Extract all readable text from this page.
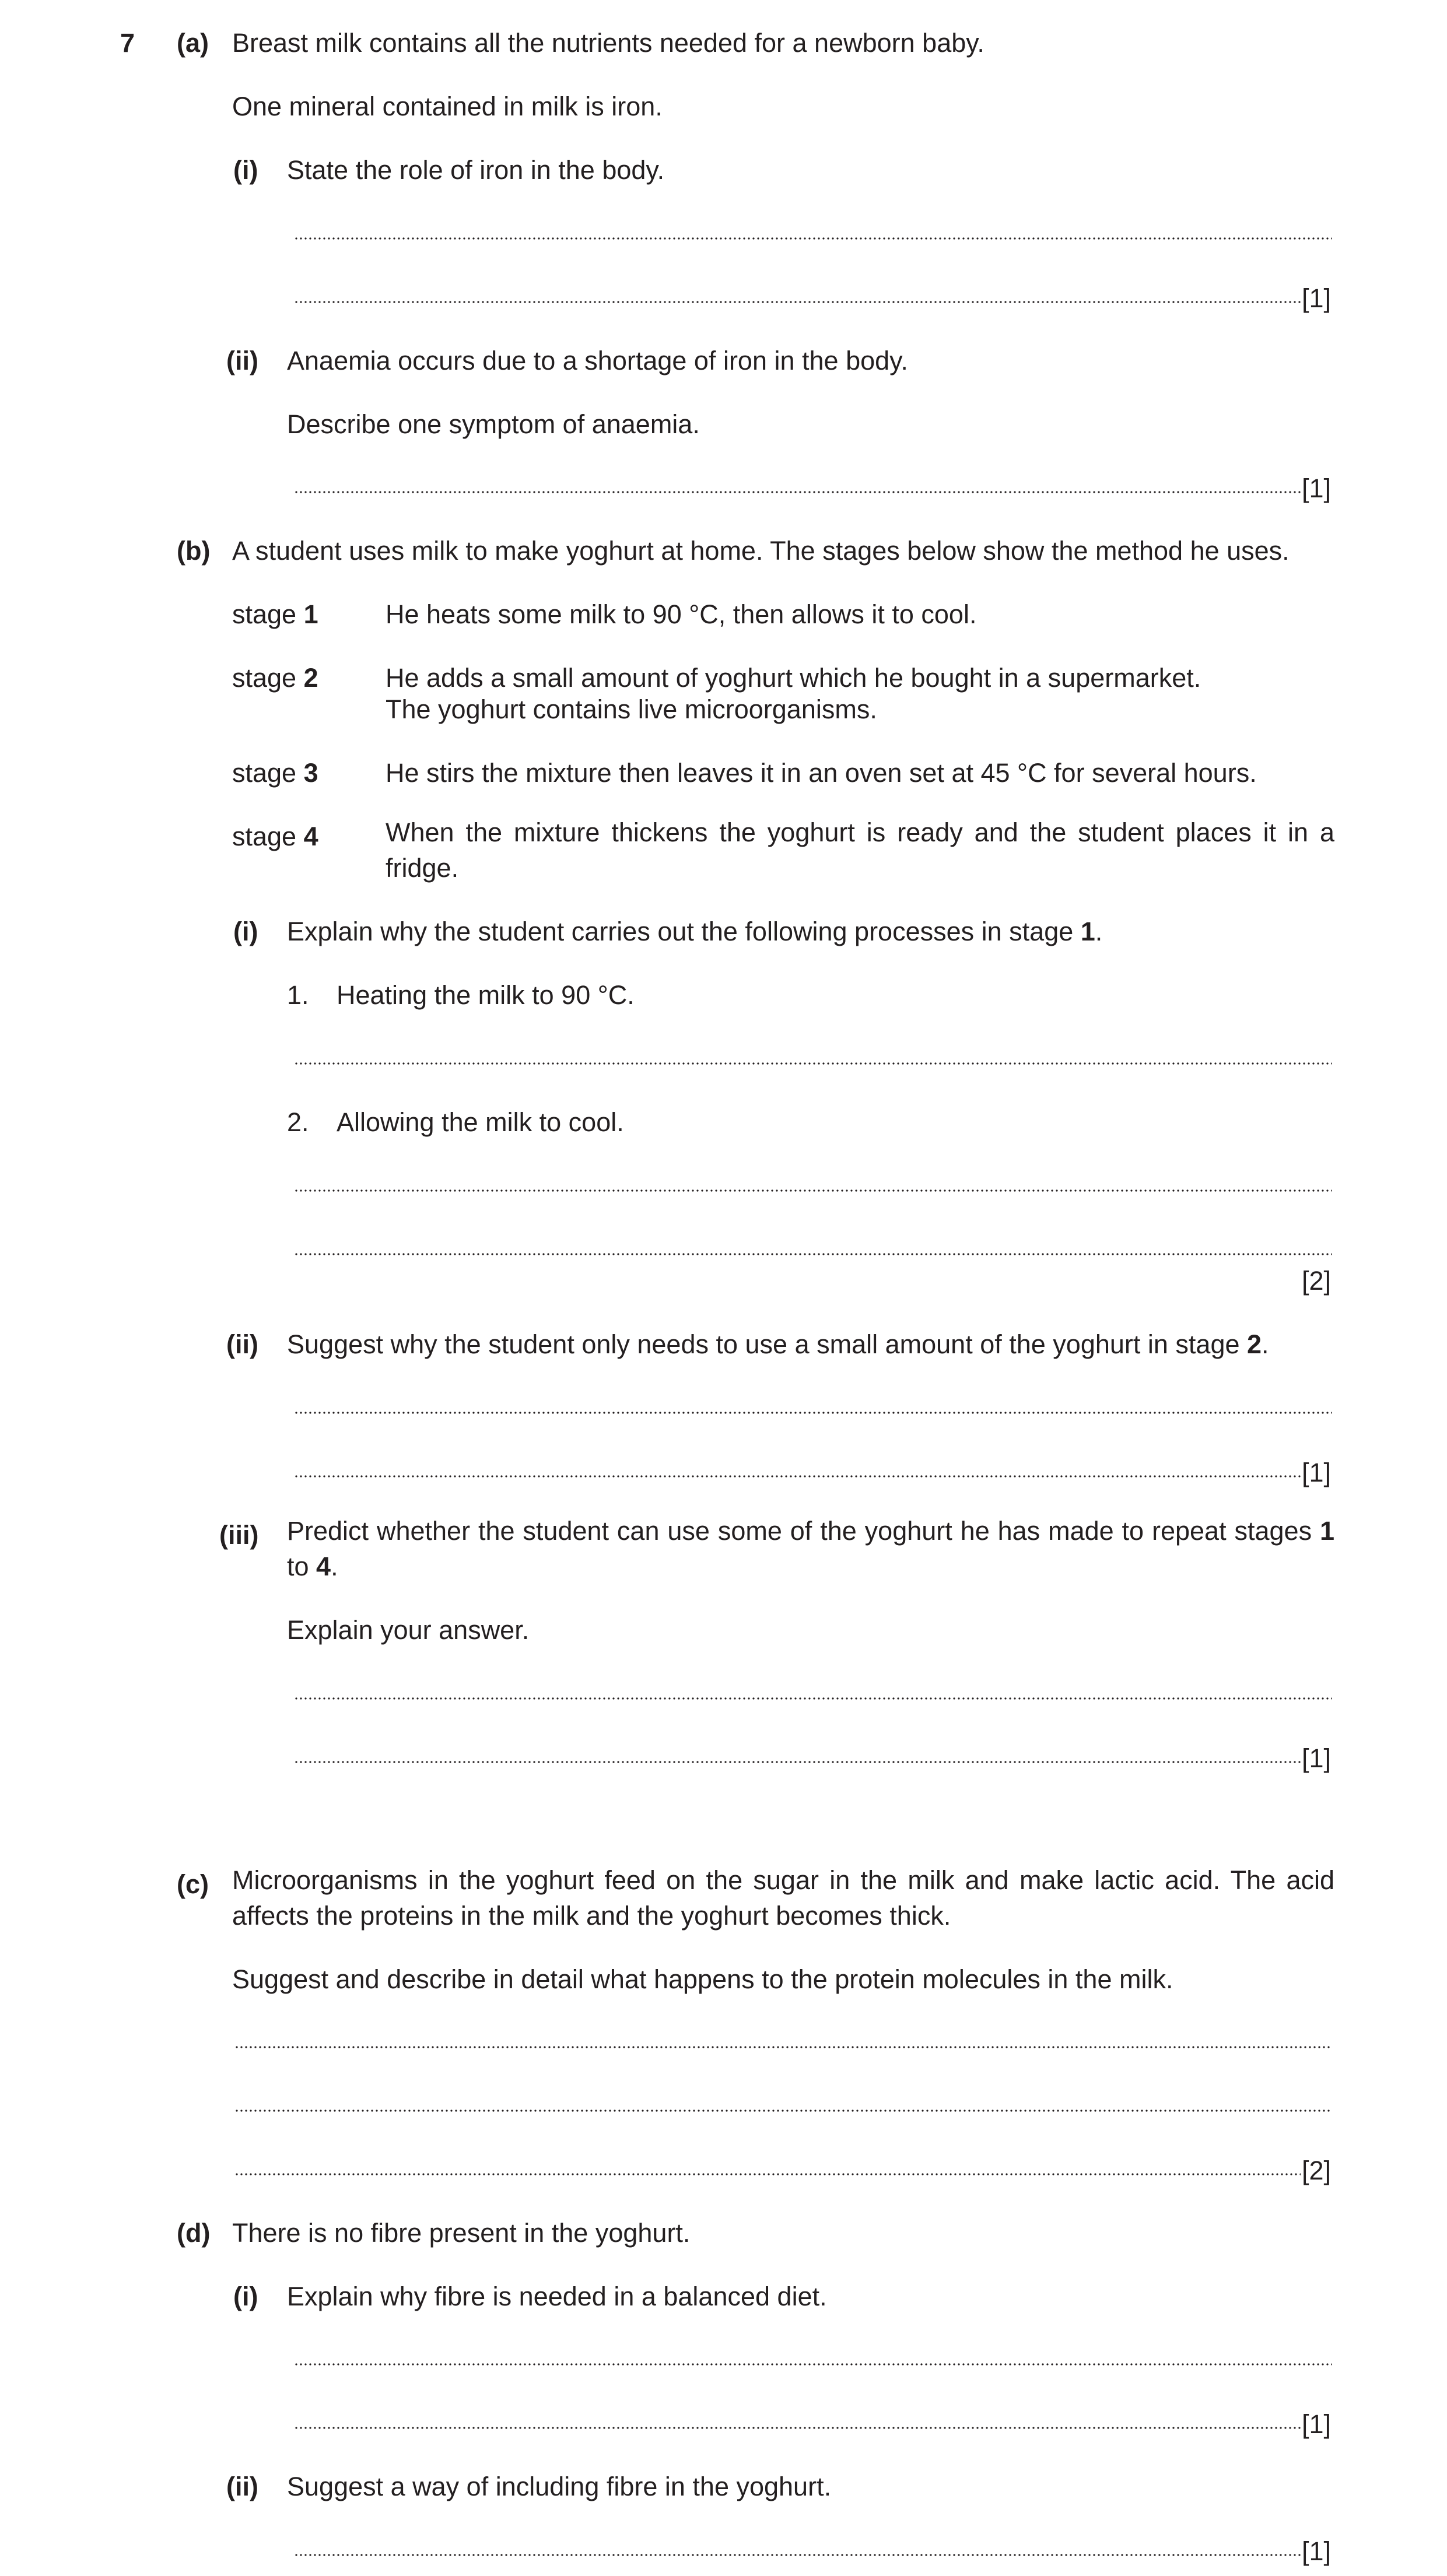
7 (a) Breast milk contains all the nutrients needed for a newborn baby.
One mineral contained in milk is iron.
(i) State the role of iron in the body.
[1]
(ii) Anaemia occurs due to a shortage of iron in the body.
Describe one symptom of anaemia.
[1]
(b) A student uses milk to make yoghurt at home. The stages below show the method he uses.
stage 1	He heats some milk to 90 °C, then allows it to cool.
stage 2	He adds a small amount of yoghurt which he bought in a supermarket.
The yoghurt contains live microorganisms.
stage 3	He stirs the mixture then leaves it in an oven set at 45 °C for several hours.
stage 4	When the mixture thickens the yoghurt is ready and the student places it in a
fridge.
(i) Explain why the student carries out the following processes in stage 1.
1. Heating the milk to 90 °C.
2. Allowing the milk to cool.
[2]
(ii) Suggest why the student only needs to use a small amount of the yoghurt in stage 2.
[1]
(iii) Predict whether the student can use some of the yoghurt he has made to repeat stages 1
to 4.
Explain your answer.
[1]
(c) Microorganisms in the yoghurt feed on the sugar in the milk and make lactic acid. The acid
affects the proteins in the milk and the yoghurt becomes thick.
Suggest and describe in detail what happens to the protein molecules in the milk.
[2]
(d) There is no fibre present in the yoghurt.
(i) Explain why fibre is needed in a balanced diet.
[1]
(ii) Suggest a way of including fibre in the yoghurt.
[1]
